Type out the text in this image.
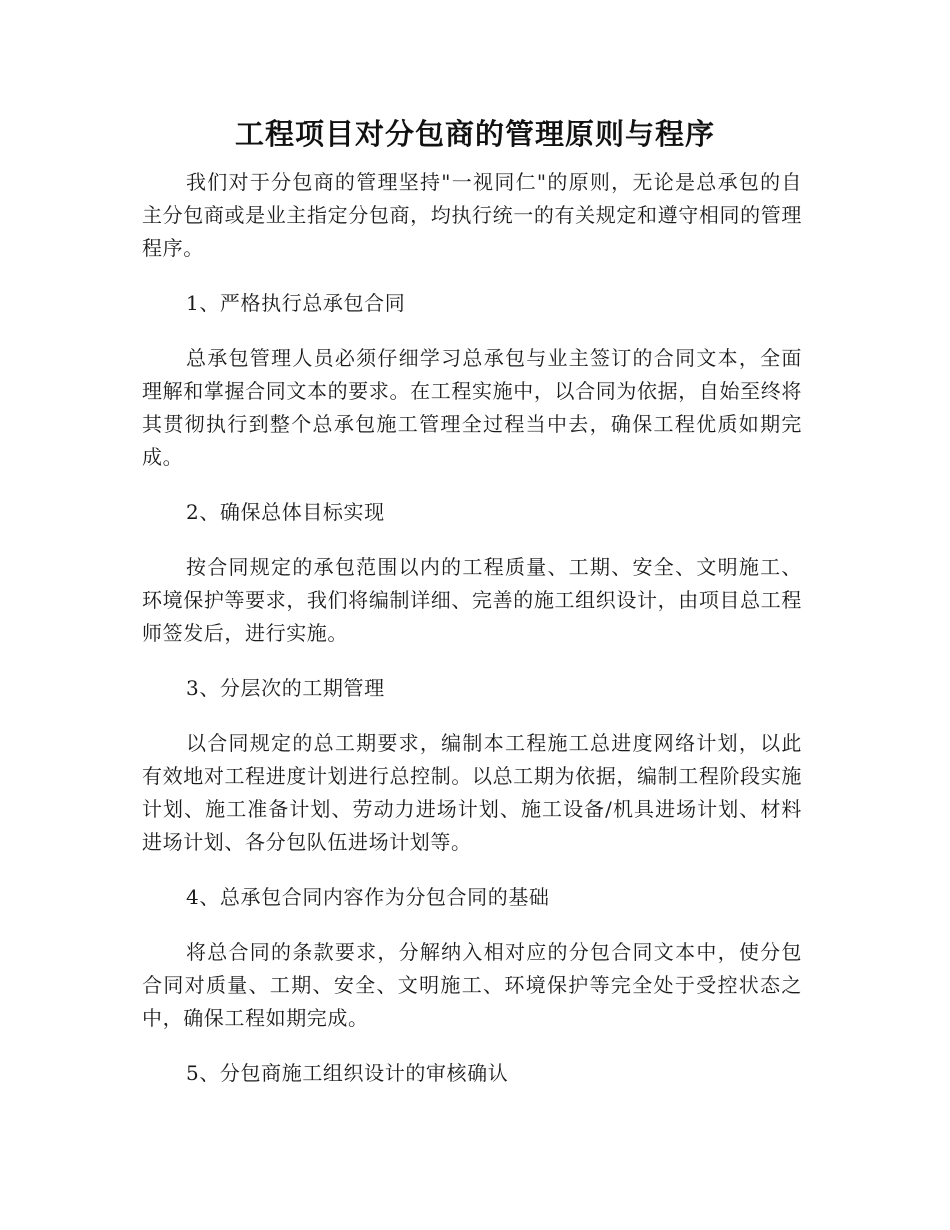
工程项目对分包商的管理原则与程序

我们对于分包商的管理坚持"一视同仁"的原则，无论是总承包的自主分包商或是业主指定分包商，均执行统一的有关规定和遵守相同的管理程序。

1、严格执行总承包合同

总承包管理人员必须仔细学习总承包与业主签订的合同文本，全面理解和掌握合同文本的要求。在工程实施中，以合同为依据，自始至终将其贯彻执行到整个总承包施工管理全过程当中去，确保工程优质如期完成。

2、确保总体目标实现

按合同规定的承包范围以内的工程质量、工期、安全、文明施工、环境保护等要求，我们将编制详细、完善的施工组织设计，由项目总工程师签发后，进行实施。

3、分层次的工期管理

以合同规定的总工期要求，编制本工程施工总进度网络计划，以此有效地对工程进度计划进行总控制。以总工期为依据，编制工程阶段实施计划、施工准备计划、劳动力进场计划、施工设备/机具进场计划、材料进场计划、各分包队伍进场计划等。

4、总承包合同内容作为分包合同的基础

将总合同的条款要求，分解纳入相对应的分包合同文本中，使分包合同对质量、工期、安全、文明施工、环境保护等完全处于受控状态之中，确保工程如期完成。

5、分包商施工组织设计的审核确认
